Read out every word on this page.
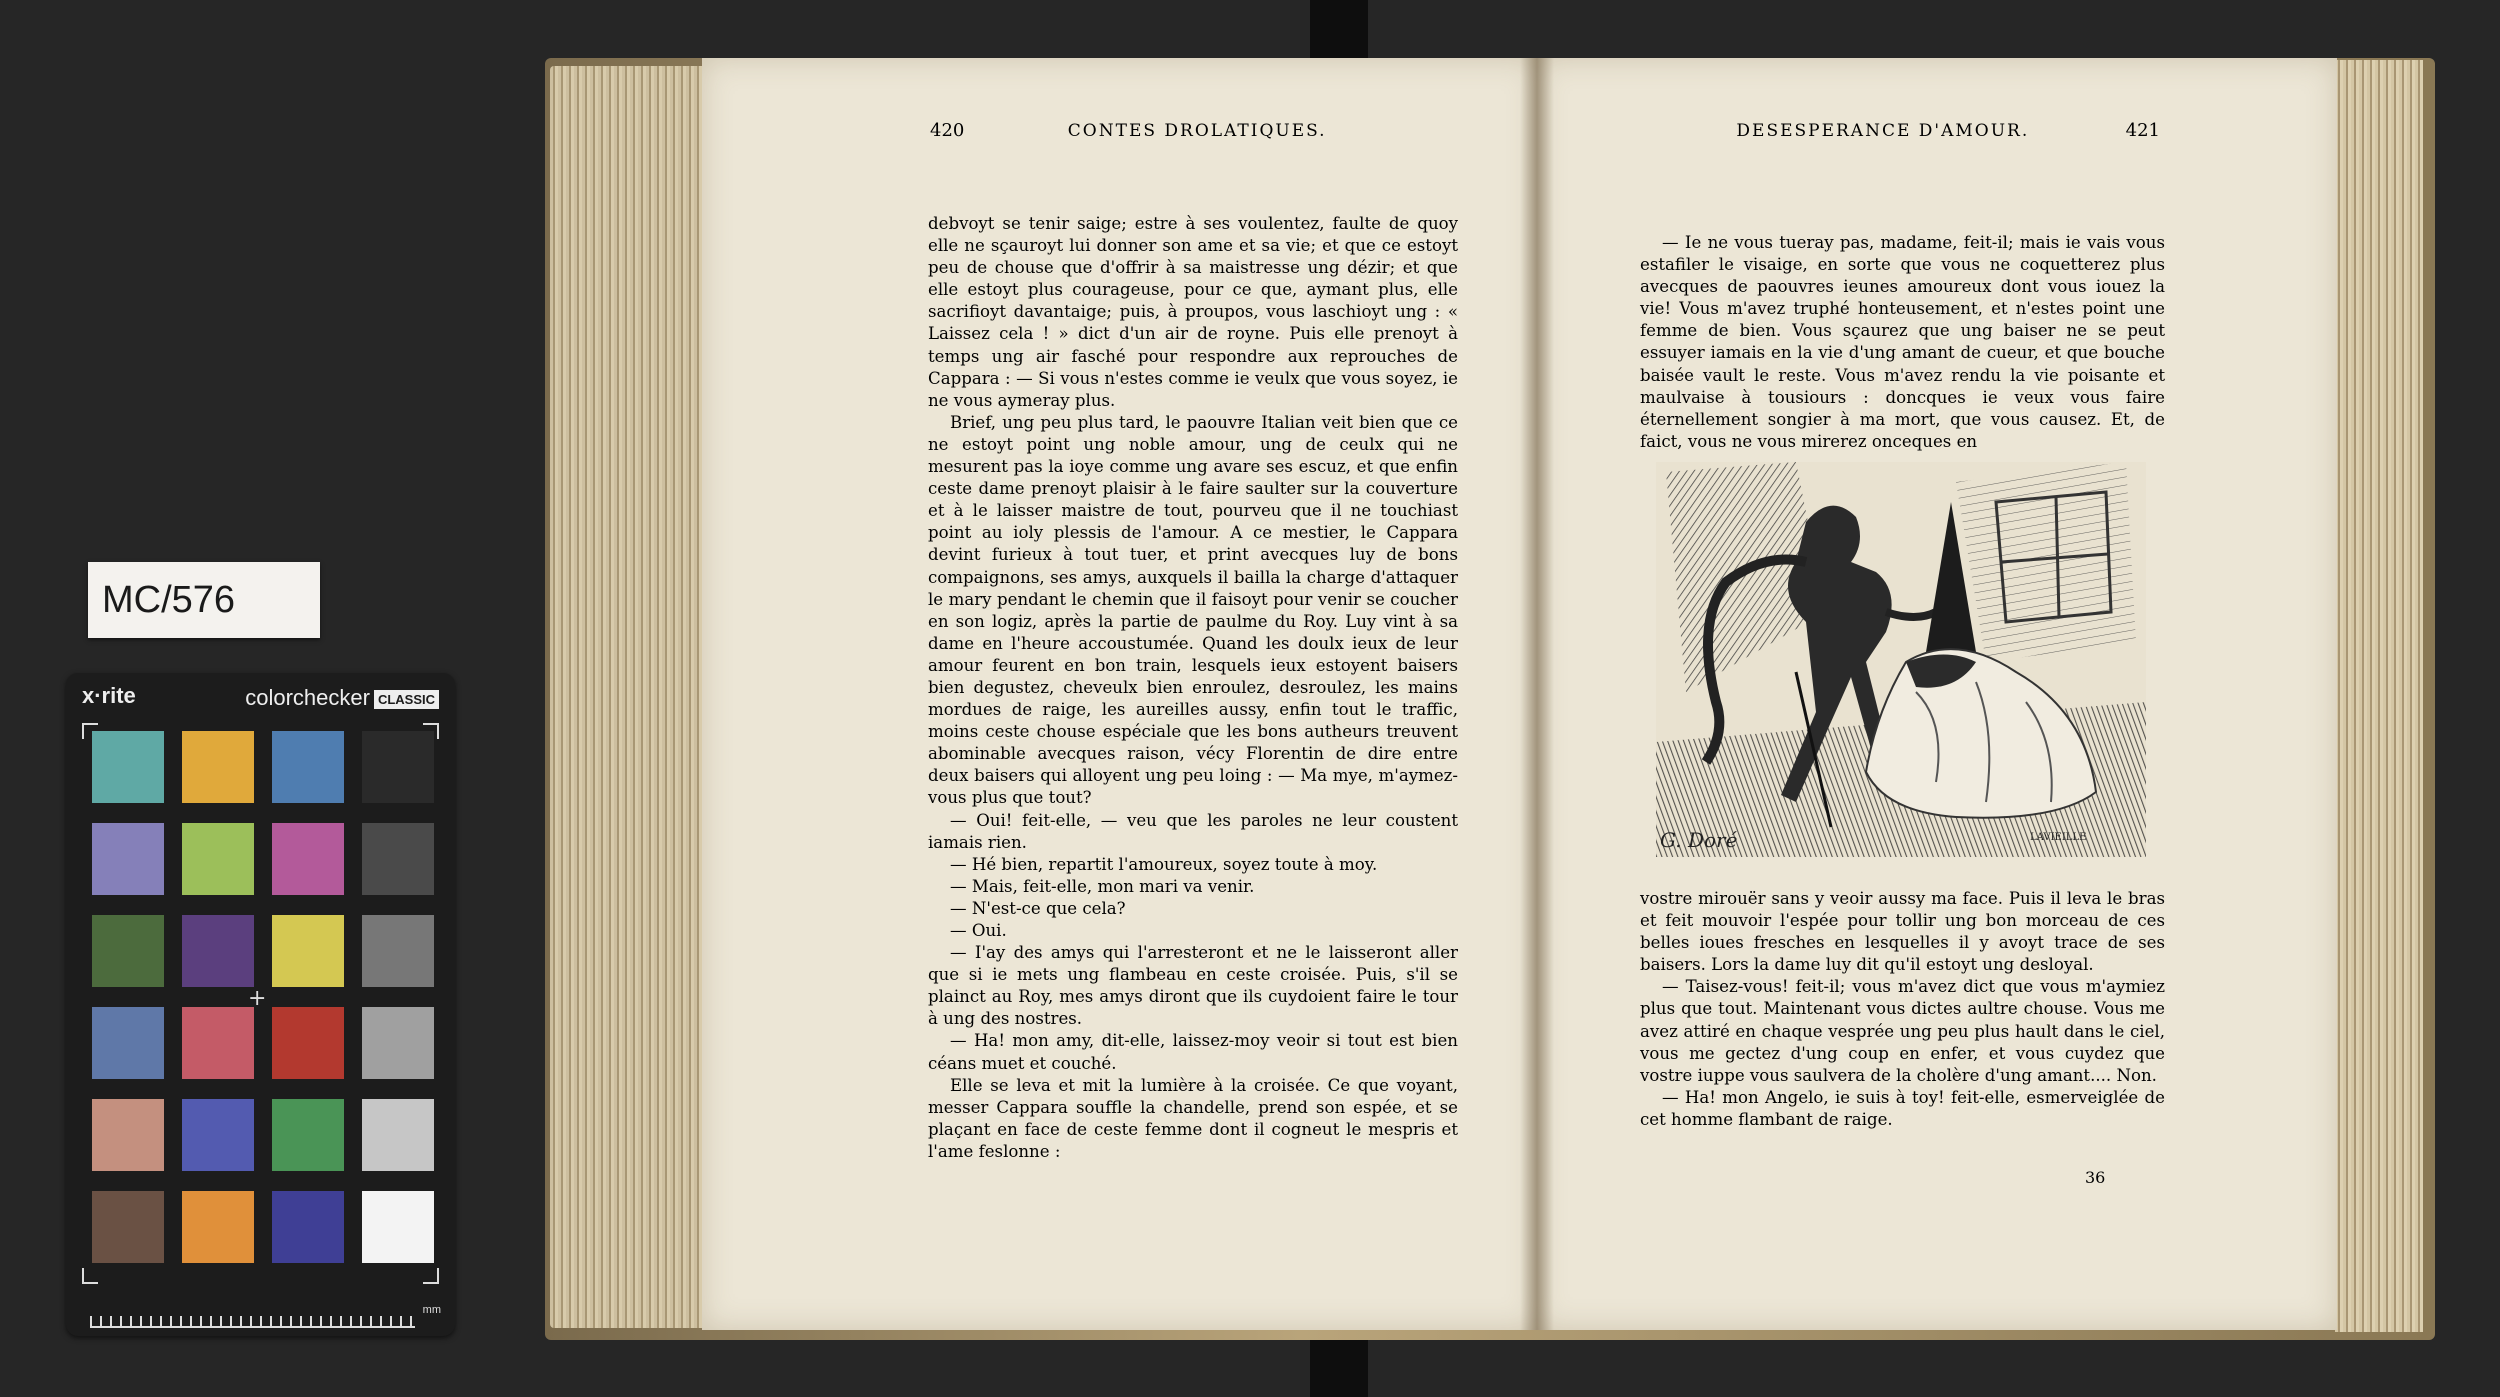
MC/576
x·rite	colorchecker CLASSIC
+
mm
420	CONTES DROLATIQUES.

debvoyt se tenir saige; estre à ses voulentez, faulte de quoy elle ne sçauroyt lui donner son ame et sa vie; et que ce estoyt peu de chouse que d'offrir à sa maistresse ung dézir; et que elle estoyt plus courageuse, pour ce que, aymant plus, elle sacrifioyt davantaige; puis, à proupos, vous laschioyt ung : « Laissez cela ! » dict d'un air de royne. Puis elle prenoyt à temps ung air fasché pour respondre aux reprouches de Cappara : — Si vous n'estes comme ie veulx que vous soyez, ie ne vous aymeray plus.

Brief, ung peu plus tard, le paouvre Italian veit bien que ce ne estoyt point ung noble amour, ung de ceulx qui ne mesurent pas la ioye comme ung avare ses escuz, et que enfin ceste dame prenoyt plaisir à le faire saulter sur la couverture et à le laisser maistre de tout, pourveu que il ne touchiast point au ioly plessis de l'amour. A ce mestier, le Cappara devint furieux à tout tuer, et print avecques luy de bons compaignons, ses amys, auxquels il bailla la charge d'attaquer le mary pendant le chemin que il faisoyt pour venir se coucher en son logiz, après la partie de paulme du Roy. Luy vint à sa dame en l'heure accoustumée. Quand les doulx ieux de leur amour feurent en bon train, lesquels ieux estoyent baisers bien degustez, cheveulx bien enroulez, desroulez, les mains mordues de raige, les aureilles aussy, enfin tout le traffic, moins ceste chouse espéciale que les bons autheurs treuvent abominable avecques raison, vécy Florentin de dire entre deux baisers qui alloyent ung peu loing : — Ma mye, m'aymez-vous plus que tout?

— Oui! feit-elle, — veu que les paroles ne leur coustent iamais rien.

— Hé bien, repartit l'amoureux, soyez toute à moy.

— Mais, feit-elle, mon mari va venir.

— N'est-ce que cela?

— Oui.

— I'ay des amys qui l'arresteront et ne le laisseront aller que si ie mets ung flambeau en ceste croisée. Puis, s'il se plainct au Roy, mes amys diront que ils cuydoient faire le tour à ung des nostres.

— Ha! mon amy, dit-elle, laissez-moy veoir si tout est bien céans muet et couché.

Elle se leva et mit la lumière à la croisée. Ce que voyant, messer Cappara souffle la chandelle, prend son espée, et se plaçant en face de ceste femme dont il cogneut le mespris et l'ame feslonne :

DESESPERANCE D'AMOUR.	421

— Ie ne vous tueray pas, madame, feit-il; mais ie vais vous estafiler le visaige, en sorte que vous ne coquetterez plus avecques de paouvres ieunes amoureux dont vous iouez la vie! Vous m'avez truphé honteusement, et n'estes point une femme de bien. Vous sçaurez que ung baiser ne se peut essuyer iamais en la vie d'ung amant de cueur, et que bouche baisée vault le reste. Vous m'avez rendu la vie poisante et maulvaise à tousiours : doncques ie veux vous faire éternellement songier à ma mort, que vous causez. Et, de faict, vous ne vous mirerez onceques en

G. Doré	LAVIEILLE

vostre mirouër sans y veoir aussy ma face. Puis il leva le bras et feit mouvoir l'espée pour tollir ung bon morceau de ces belles ioues fresches en lesquelles il y avoyt trace de ses baisers. Lors la dame luy dit qu'il estoyt ung desloyal.

— Taisez-vous! feit-il; vous m'avez dict que vous m'aymiez plus que tout. Maintenant vous dictes aultre chouse. Vous me avez attiré en chaque vesprée ung peu plus hault dans le ciel, vous me gectez d'ung coup en enfer, et vous cuydez que vostre iuppe vous saulvera de la cholère d'ung amant.... Non.

— Ha! mon Angelo, ie suis à toy! feit-elle, esmerveiglée de cet homme flambant de raige.

36
